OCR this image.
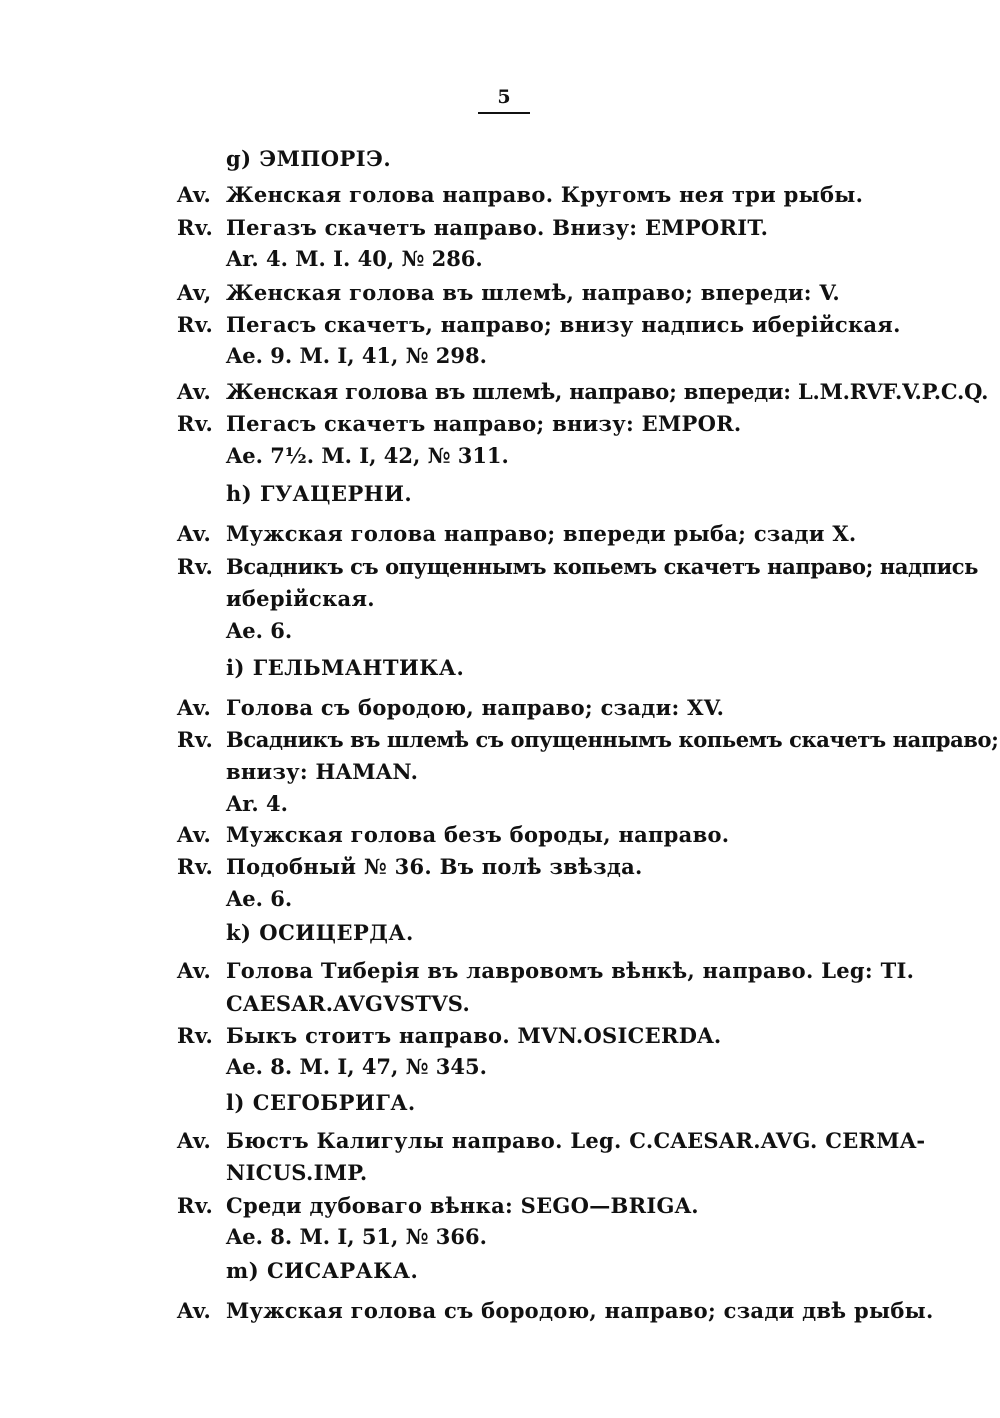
5
g) ЭМПОРІЭ.
Av. Женская голова направо. Кругомъ нея три рыбы.
Rv. Пегазъ скачетъ направо. Внизу: EMPORIT.
Ar. 4. M. I. 40, № 286.
Av, Женская голова въ шлемѣ, направо; впереди: V.
Rv. Пегасъ скачетъ, направо; внизу надпись иберійская.
Ae. 9. M. I, 41, № 298.
Av. Женская голова въ шлемѣ, направо; впереди: L.M.RVF.V.P.C.Q.
Rv. Пегасъ скачетъ направо; внизу: EMPOR.
Ae. 7½. M. I, 42, № 311.
h) ГУАЦЕРНИ.
Av. Мужская голова направо; впереди рыба; сзади X.
Rv. Всадникъ съ опущеннымъ копьемъ скачетъ направо; надпись
иберійская.
Ae. 6.
i) ГЕЛЬМАНТИКА.
Av. Голова съ бородою, направо; сзади: XV.
Rv. Всадникъ въ шлемѣ съ опущеннымъ копьемъ скачетъ направо;
внизу: HAMAN.
Ar. 4.
Av. Мужская голова безъ бороды, направо.
Rv. Подобный № 36. Въ полѣ звѣзда.
Ae. 6.
k) ОСИЦЕРДА.
Av. Голова Тиберія въ лавровомъ вѣнкѣ, направо. Leg: TI.
CAESAR.AVGVSTVS.
Rv. Быкъ стоитъ направо. MVN.OSICERDA.
Ae. 8. M. I, 47, № 345.
l) СЕГОБРИГА.
Av. Бюстъ Калигулы направо. Leg. C.CAESAR.AVG. CERMA-
NICUS.IMP.
Rv. Среди дубоваго вѣнка: SEGO—BRIGA.
Ae. 8. M. I, 51, № 366.
m) СИСАРАКА.
Av. Мужская голова съ бородою, направо; сзади двѣ рыбы.
